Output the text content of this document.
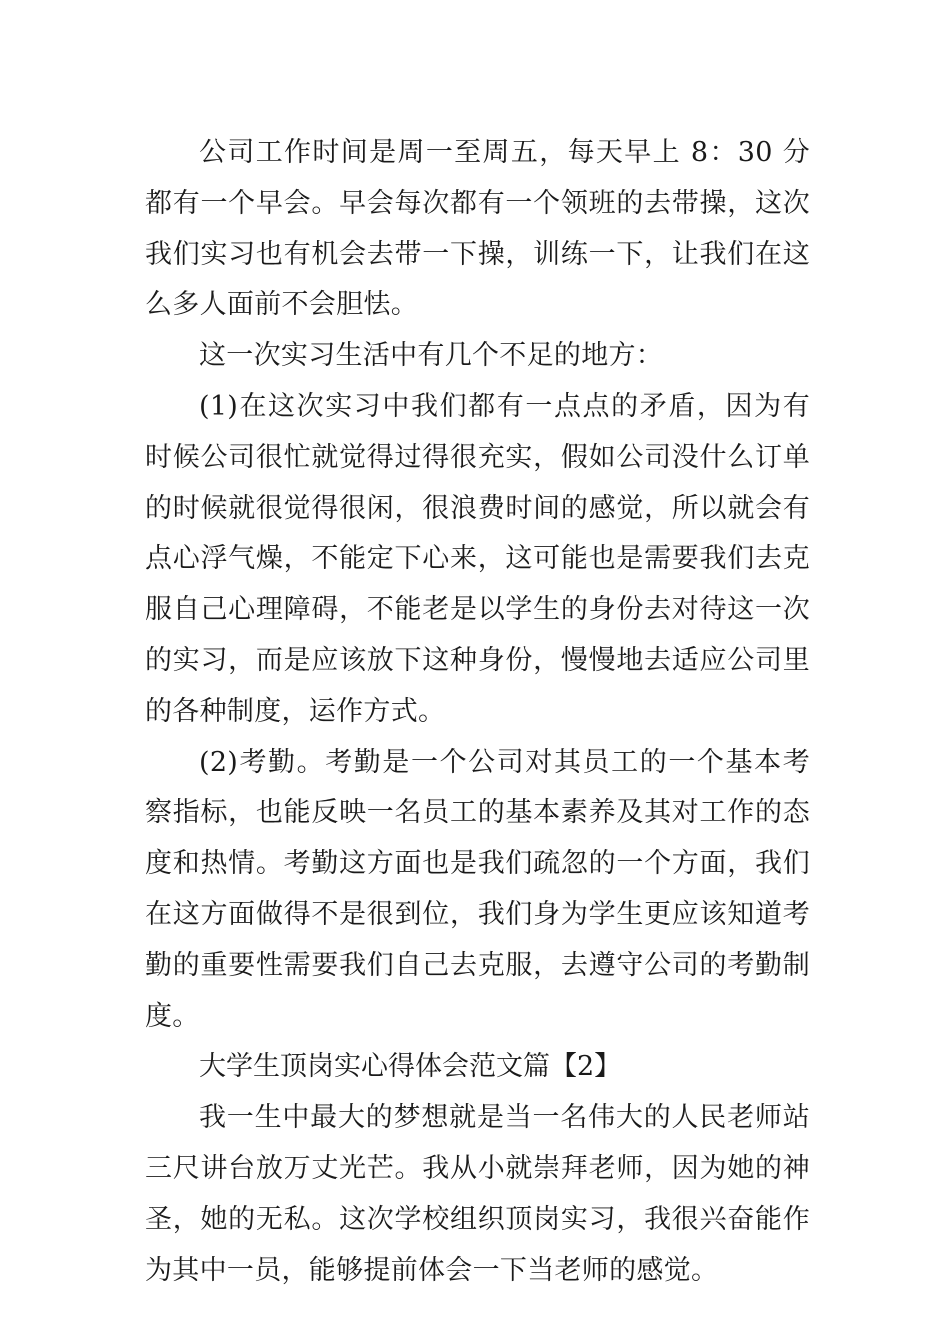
公司工作时间是周一至周五，每天早上 8：30 分都有一个早会。早会每次都有一个领班的去带操，这次我们实习也有机会去带一下操，训练一下，让我们在这么多人面前不会胆怯。

这一次实习生活中有几个不足的地方：

(1)在这次实习中我们都有一点点的矛盾，因为有时候公司很忙就觉得过得很充实，假如公司没什么订单的时候就很觉得很闲，很浪费时间的感觉，所以就会有点心浮气燥，不能定下心来，这可能也是需要我们去克服自己心理障碍，不能老是以学生的身份去对待这一次的实习，而是应该放下这种身份，慢慢地去适应公司里的各种制度，运作方式。

(2)考勤。考勤是一个公司对其员工的一个基本考察指标，也能反映一名员工的基本素养及其对工作的态度和热情。考勤这方面也是我们疏忽的一个方面，我们在这方面做得不是很到位，我们身为学生更应该知道考勤的重要性需要我们自己去克服，去遵守公司的考勤制度。

大学生顶岗实心得体会范文篇【2】

我一生中最大的梦想就是当一名伟大的人民老师站三尺讲台放万丈光芒。我从小就崇拜老师，因为她的神圣，她的无私。这次学校组织顶岗实习，我很兴奋能作为其中一员，能够提前体会一下当老师的感觉。
